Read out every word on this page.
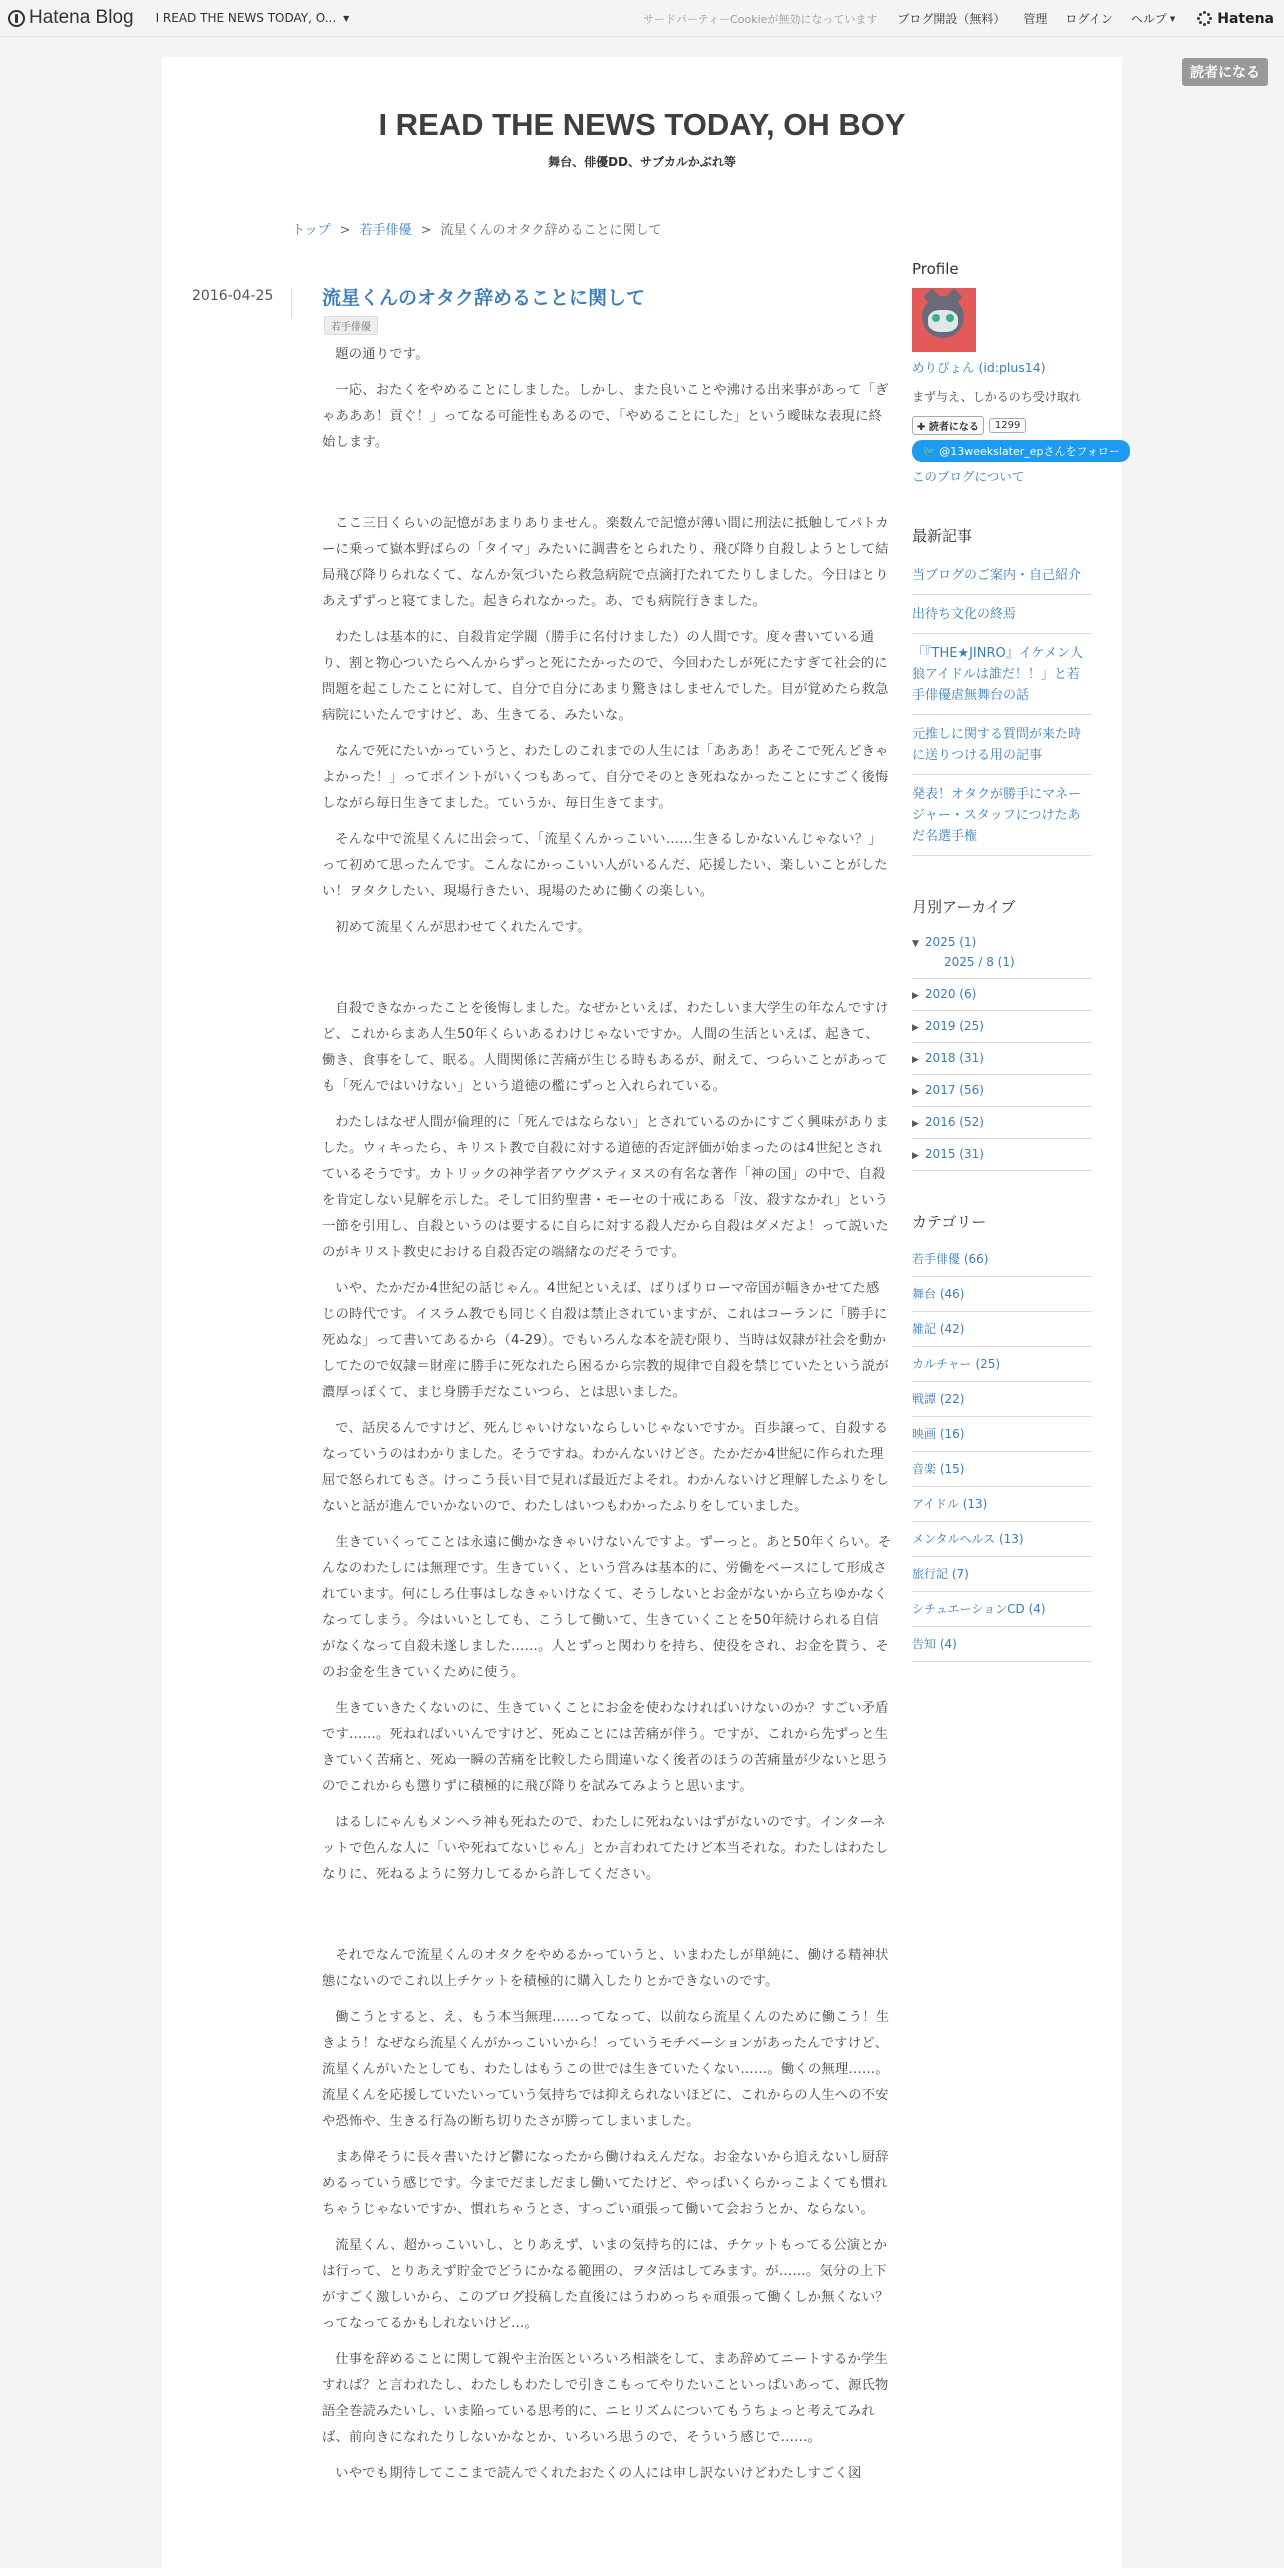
Hatena Blog I READ THE NEWS TODAY, O... ▼	サードパーティーCookieが無効になっています ブログ開設（無料） 管理 ログイン ヘルプ ▼	Hatena
読者になる
I READ THE NEWS TODAY, OH BOY
舞台、俳優DD、サブカルかぶれ等
トップ > 若手俳優 > 流星くんのオタク辞めることに関して
2016-04-25	流星くんのオタク辞めることに関して
若手俳優

題の通りです。

一応、おたくをやめることにしました。しかし、また良いことや沸ける出来事があって「ぎゃあああ！貢ぐ！」ってなる可能性もあるので、「やめることにした」という曖昧な表現に終始します。

ここ三日くらいの記憶があまりありません。楽数んで記憶が薄い間に刑法に抵触してパトカーに乗って嶽本野ばらの「タイマ」みたいに調書をとられたり、飛び降り自殺しようとして結局飛び降りられなくて、なんか気づいたら救急病院で点滴打たれてたりしました。今日はとりあえずずっと寝てました。起きられなかった。あ、でも病院行きました。

わたしは基本的に、自殺肯定学閥（勝手に名付けました）の人間です。度々書いている通り、割と物心ついたらへんからずっと死にたかったので、今回わたしが死にたすぎて社会的に問題を起こしたことに対して、自分で自分にあまり驚きはしませんでした。目が覚めたら救急病院にいたんですけど、あ、生きてる、みたいな。

なんで死にたいかっていうと、わたしのこれまでの人生には「あああ！あそこで死んどきゃよかった！」ってポイントがいくつもあって、自分でそのとき死ねなかったことにすごく後悔しながら毎日生きてました。ていうか、毎日生きてます。

そんな中で流星くんに出会って、「流星くんかっこいい……生きるしかないんじゃない？」って初めて思ったんです。こんなにかっこいい人がいるんだ、応援したい、楽しいことがしたい！ヲタクしたい、現場行きたい、現場のために働くの楽しい。

初めて流星くんが思わせてくれたんです。

自殺できなかったことを後悔しました。なぜかといえば、わたしいま大学生の年なんですけど、これからまあ人生50年くらいあるわけじゃないですか。人間の生活といえば、起きて、働き、食事をして、眠る。人間関係に苦痛が生じる時もあるが、耐えて、つらいことがあっても「死んではいけない」という道徳の檻にずっと入れられている。

わたしはなぜ人間が倫理的に「死んではならない」とされているのかにすごく興味がありました。ウィキったら、キリスト教で自殺に対する道徳的否定評価が始まったのは4世紀とされているそうです。カトリックの神学者アウグスティヌスの有名な著作「神の国」の中で、自殺を肯定しない見解を示した。そして旧約聖書・モーセの十戒にある「汝、殺すなかれ」という一節を引用し、自殺というのは要するに自らに対する殺人だから自殺はダメだよ！って説いたのがキリスト教史における自殺否定の端緒なのだそうです。

いや、たかだか4世紀の話じゃん。4世紀といえば、ばりばりローマ帝国が幅きかせてた感じの時代です。イスラム教でも同じく自殺は禁止されていますが、これはコーランに「勝手に死ぬな」って書いてあるから（4-29）。でもいろんな本を読む限り、当時は奴隷が社会を動かしてたので奴隷＝財産に勝手に死なれたら困るから宗教的規律で自殺を禁じていたという説が濃厚っぽくて、まじ身勝手だなこいつら、とは思いました。

で、話戻るんですけど、死んじゃいけないならしいじゃないですか。百歩譲って、自殺するなっていうのはわかりました。そうですね。わかんないけどさ。たかだか4世紀に作られた理屈で怒られてもさ。けっこう長い目で見れば最近だよそれ。わかんないけど理解したふりをしないと話が進んでいかないので、わたしはいつもわかったふりをしていました。

生きていくってことは永遠に働かなきゃいけないんですよ。ずーっと。あと50年くらい。そんなのわたしには無理です。生きていく、という営みは基本的に、労働をベースにして形成されています。何にしろ仕事はしなきゃいけなくて、そうしないとお金がないから立ちゆかなくなってしまう。今はいいとしても、こうして働いて、生きていくことを50年続けられる自信がなくなって自殺未遂しました……。人とずっと関わりを持ち、使役をされ、お金を貰う、そのお金を生きていくために使う。

生きていきたくないのに、生きていくことにお金を使わなければいけないのか？すごい矛盾です……。死ねればいいんですけど、死ぬことには苦痛が伴う。ですが、これから先ずっと生きていく苦痛と、死ぬ一瞬の苦痛を比較したら間違いなく後者のほうの苦痛量が少ないと思うのでこれからも懲りずに積極的に飛び降りを試みてみようと思います。

はるしにゃんもメンヘラ神も死ねたので、わたしに死ねないはずがないのです。インターネットで色んな人に「いや死ねてないじゃん」とか言われてたけど本当それな。わたしはわたしなりに、死ねるように努力してるから許してください。

それでなんで流星くんのオタクをやめるかっていうと、いまわたしが単純に、働ける精神状態にないのでこれ以上チケットを積極的に購入したりとかできないのです。

働こうとすると、え、もう本当無理……ってなって、以前なら流星くんのために働こう！生きよう！なぜなら流星くんがかっこいいから！っていうモチベーションがあったんですけど、流星くんがいたとしても、わたしはもうこの世では生きていたくない……。働くの無理……。流星くんを応援していたいっていう気持ちでは抑えられないほどに、これからの人生への不安や恐怖や、生きる行為の断ち切りたさが勝ってしまいました。

まあ偉そうに長々書いたけど鬱になったから働けねえんだな。お金ないから追えないし厨辞めるっていう感じです。今までだましだまし働いてたけど、やっぱいくらかっこよくても慣れちゃうじゃないですか、慣れちゃうとさ、すっごい頑張って働いて会おうとか、ならない。

流星くん、超かっこいいし、とりあえず、いまの気持ち的には、チケットもってる公演とかは行って、とりあえず貯金でどうにかなる範囲の、ヲタ活はしてみます。が……。気分の上下がすごく激しいから、このブログ投稿した直後にはうわめっちゃ頑張って働くしか無くない？ってなってるかもしれないけど…。

仕事を辞めることに関して親や主治医といろいろ相談をして、まあ辞めてニートするか学生すれば？と言われたし、わたしもわたしで引きこもってやりたいこといっぱいあって、源氏物語全巻読みたいし、いま陥っている思考的に、ニヒリズムについてもうちょっと考えてみれば、前向きになれたりしないかなとか、いろいろ思うので、そういう感じで……。

いやでも期待してここまで読んでくれたおたくの人には申し訳ないけどわたしすごく図

Profile
めりぴょん (id:plus14)
まず与え、しかるのち受け取れ
✚ 読者になる	1299
🐦 @13weekslater_epさんをフォロー
このブログについて
最新記事
当ブログのご案内・自己紹介
出待ち文化の終焉
「『THE★JINRO』イケメン人狼アイドルは誰だ！！」と若手俳優虐無舞台の話
元推しに関する質問が来た時に送りつける用の記事
発表！オタクが勝手にマネージャー・スタッフにつけたあだ名選手権
月別アーカイブ
▼ 2025 (1)
2025 / 8 (1)
▶ 2020 (6)
▶ 2019 (25)
▶ 2018 (31)
▶ 2017 (56)
▶ 2016 (52)
▶ 2015 (31)
カテゴリー
若手俳優 (66)
舞台 (46)
雑記 (42)
カルチャー (25)
戦譚 (22)
映画 (16)
音楽 (15)
アイドル (13)
メンタルヘルス (13)
旅行記 (7)
シチュエーションCD (4)
告知 (4)
